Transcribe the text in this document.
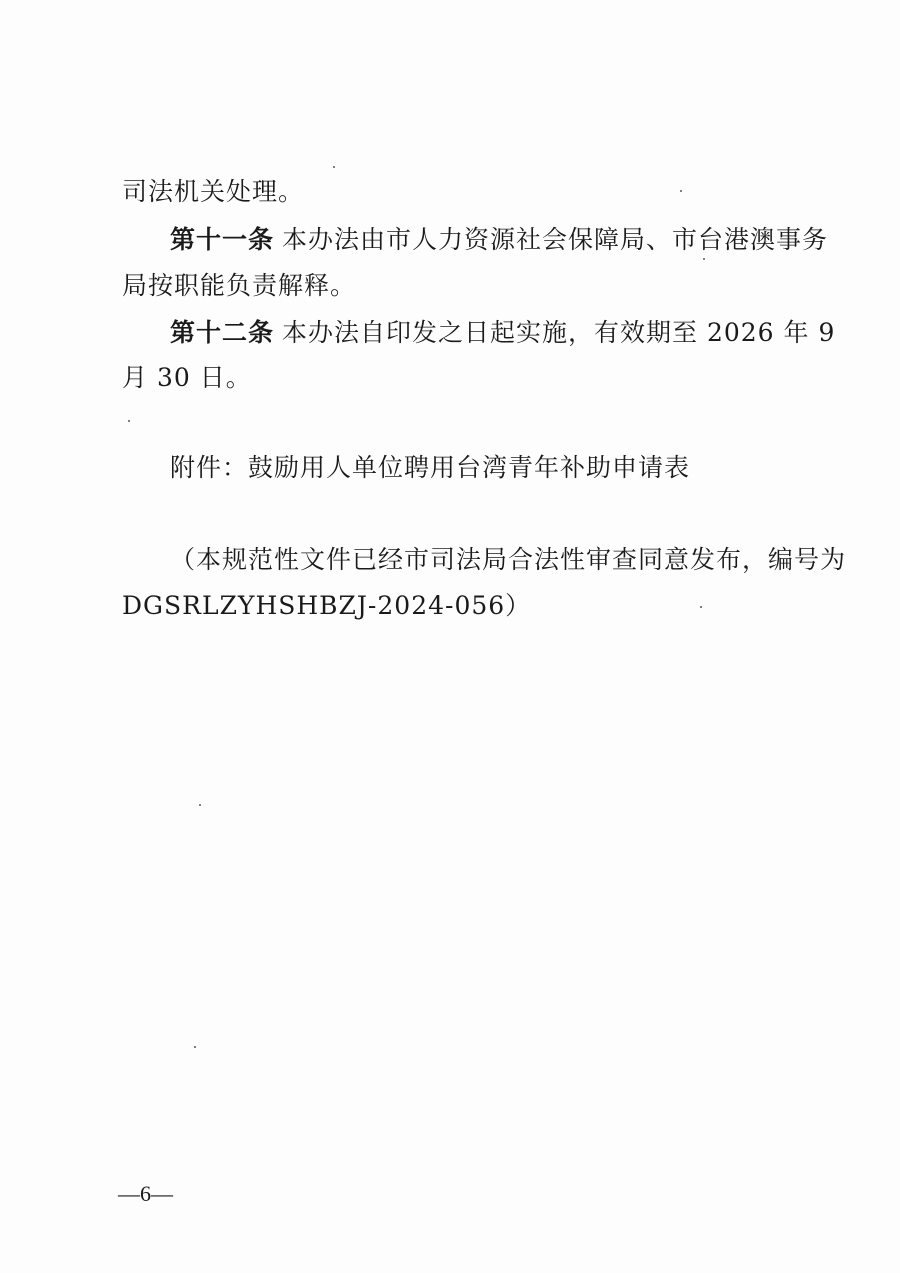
司法机关处理。
第十一条 本办法由市人力资源社会保障局、市台港澳事务
局按职能负责解释。
第十二条 本办法自印发之日起实施，有效期至 2026 年 9
月 30 日。
附件：鼓励用人单位聘用台湾青年补助申请表
（本规范性文件已经市司法局合法性审查同意发布，编号为
DGSRLZYHSHBZJ-2024-056）
—6—
